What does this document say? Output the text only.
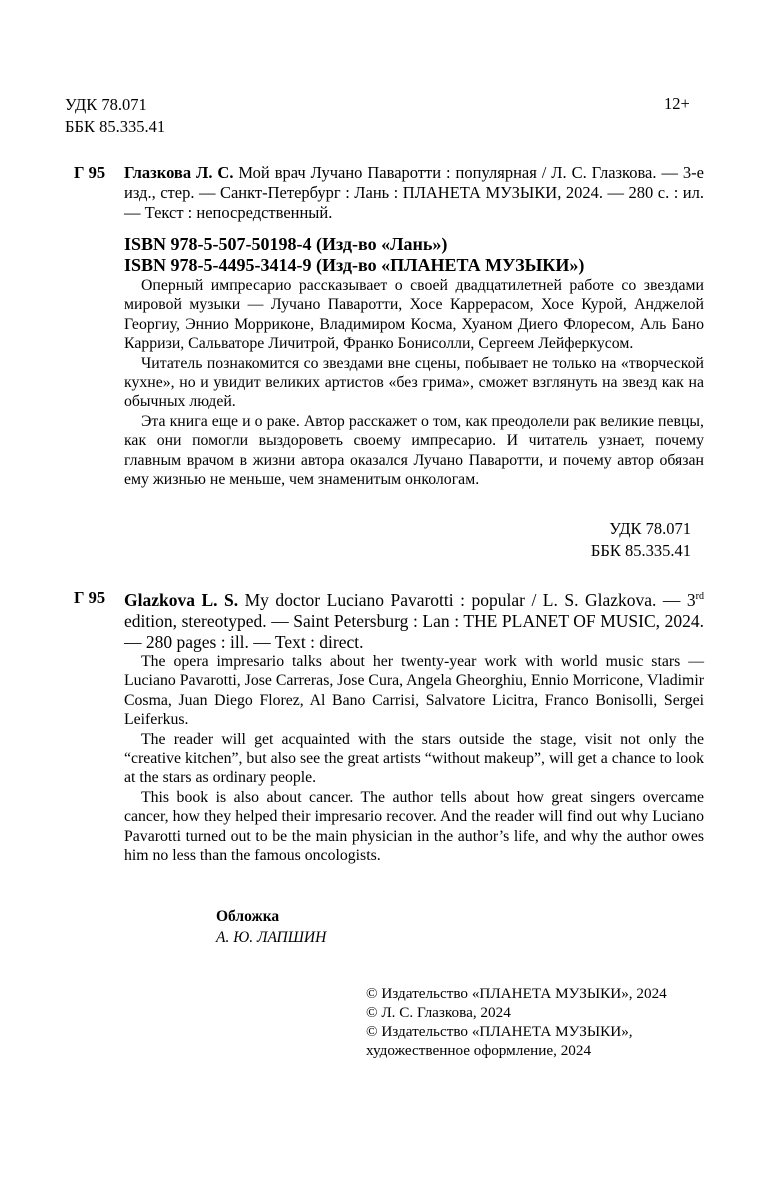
УДК 78.071
ББК 85.335.41
12+
Г 95 Глазкова Л. С. Мой врач Лучано Паваротти : популярная / Л. С. Глазкова. — 3-е изд., стер. — Санкт-Петербург : Лань : ПЛАНЕТА МУЗЫКИ, 2024. — 280 с. : ил. — Текст : непосредственный.
ISBN 978-5-507-50198-4 (Изд-во «Лань»)
ISBN 978-5-4495-3414-9 (Изд-во «ПЛАНЕТА МУЗЫКИ»)
Оперный импресарио рассказывает о своей двадцатилетней работе со звездами мировой музыки — Лучано Паваротти, Хосе Каррерасом, Хосе Курой, Анджелой Георгиу, Эннио Морриконе, Владимиром Косма, Хуаном Диего Флоресом, Аль Бано Карризи, Сальваторе Личитрой, Франко Бонисолли, Сергеем Лейферкусом.
Читатель познакомится со звездами вне сцены, побывает не только на «творческой кухне», но и увидит великих артистов «без грима», сможет взглянуть на звезд как на обычных людей.
Эта книга еще и о раке. Автор расскажет о том, как преодолели рак великие певцы, как они помогли выздороветь своему импресарио. И читатель узнает, почему главным врачом в жизни автора оказался Лучано Паваротти, и почему автор обязан ему жизнью не меньше, чем знаменитым онкологам.
УДК 78.071
ББК 85.335.41
Г 95 Glazkova L. S. My doctor Luciano Pavarotti : popular / L. S. Glazkova. — 3rd edition, stereotyped. — Saint Petersburg : Lan : THE PLANET OF MUSIC, 2024. — 280 pages : ill. — Text : direct.
The opera impresario talks about her twenty-year work with world music stars — Luciano Pavarotti, Jose Carreras, Jose Cura, Angela Gheorghiu, Ennio Morricone, Vladimir Cosma, Juan Diego Florez, Al Bano Carrisi, Salvatore Licitra, Franco Bonisolli, Sergei Leiferkus.
The reader will get acquainted with the stars outside the stage, visit not only the “creative kitchen”, but also see the great artists “without makeup”, will get a chance to look at the stars as ordinary people.
This book is also about cancer. The author tells about how great singers overcame cancer, how they helped their impresario recover. And the reader will find out why Luciano Pavarotti turned out to be the main physician in the author’s life, and why the author owes him no less than the famous oncologists.
Обложка
А. Ю. ЛАПШИН
© Издательство «ПЛАНЕТА МУЗЫКИ», 2024
© Л. С. Глазкова, 2024
© Издательство «ПЛАНЕТА МУЗЫКИ»,
художественное оформление, 2024
